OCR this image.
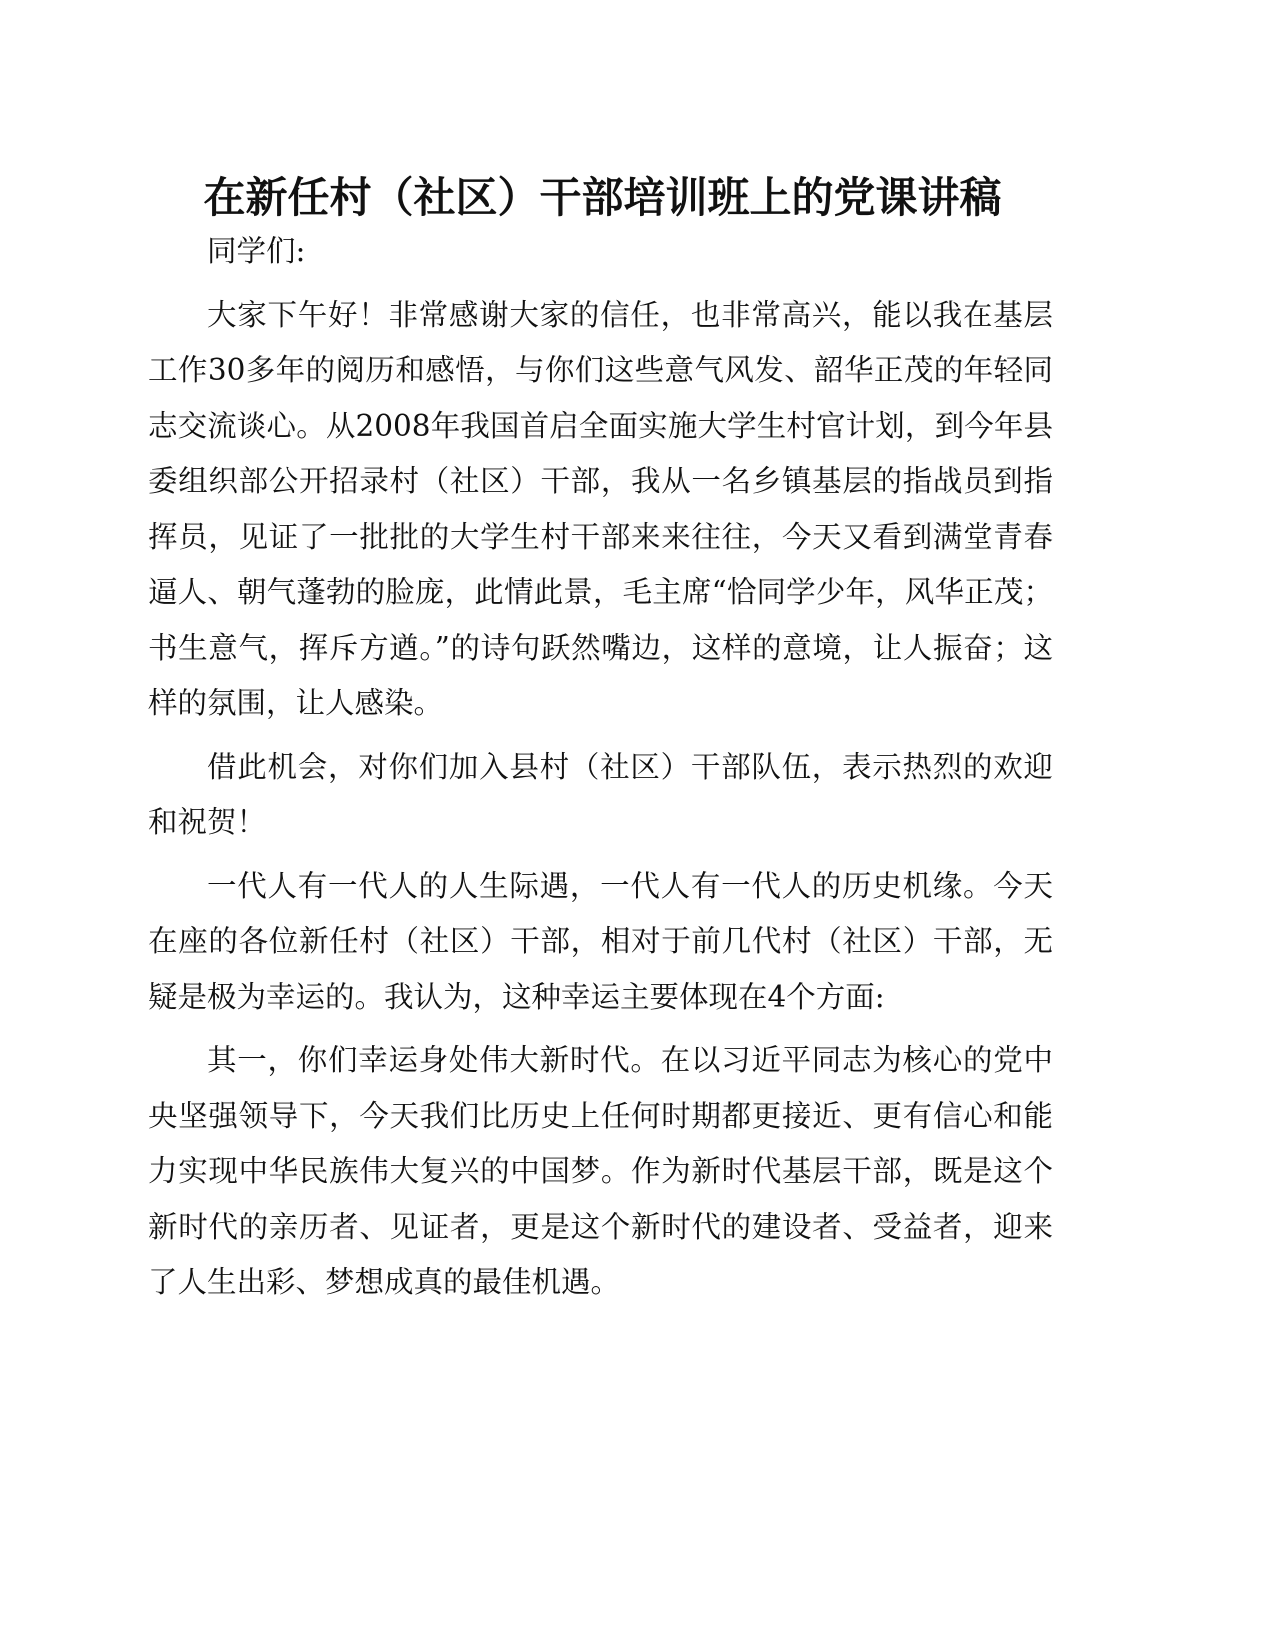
在新任村（社区）干部培训班上的党课讲稿

同学们:

大家下午好！非常感谢大家的信任，也非常高兴，能以我在基层工作30多年的阅历和感悟，与你们这些意气风发、韶华正茂的年轻同志交流谈心。从2008年我国首启全面实施大学生村官计划，到今年县委组织部公开招录村（社区）干部，我从一名乡镇基层的指战员到指挥员，见证了一批批的大学生村干部来来往往，今天又看到满堂青春逼人、朝气蓬勃的脸庞，此情此景，毛主席“恰同学少年，风华正茂；书生意气，挥斥方遒。”的诗句跃然嘴边，这样的意境，让人振奋；这样的氛围，让人感染。

借此机会，对你们加入县村（社区）干部队伍，表示热烈的欢迎和祝贺！

一代人有一代人的人生际遇，一代人有一代人的历史机缘。今天在座的各位新任村（社区）干部，相对于前几代村（社区）干部，无疑是极为幸运的。我认为，这种幸运主要体现在4个方面:

其一，你们幸运身处伟大新时代。在以习近平同志为核心的党中央坚强领导下，今天我们比历史上任何时期都更接近、更有信心和能力实现中华民族伟大复兴的中国梦。作为新时代基层干部，既是这个新时代的亲历者、见证者，更是这个新时代的建设者、受益者，迎来了人生出彩、梦想成真的最佳机遇。
